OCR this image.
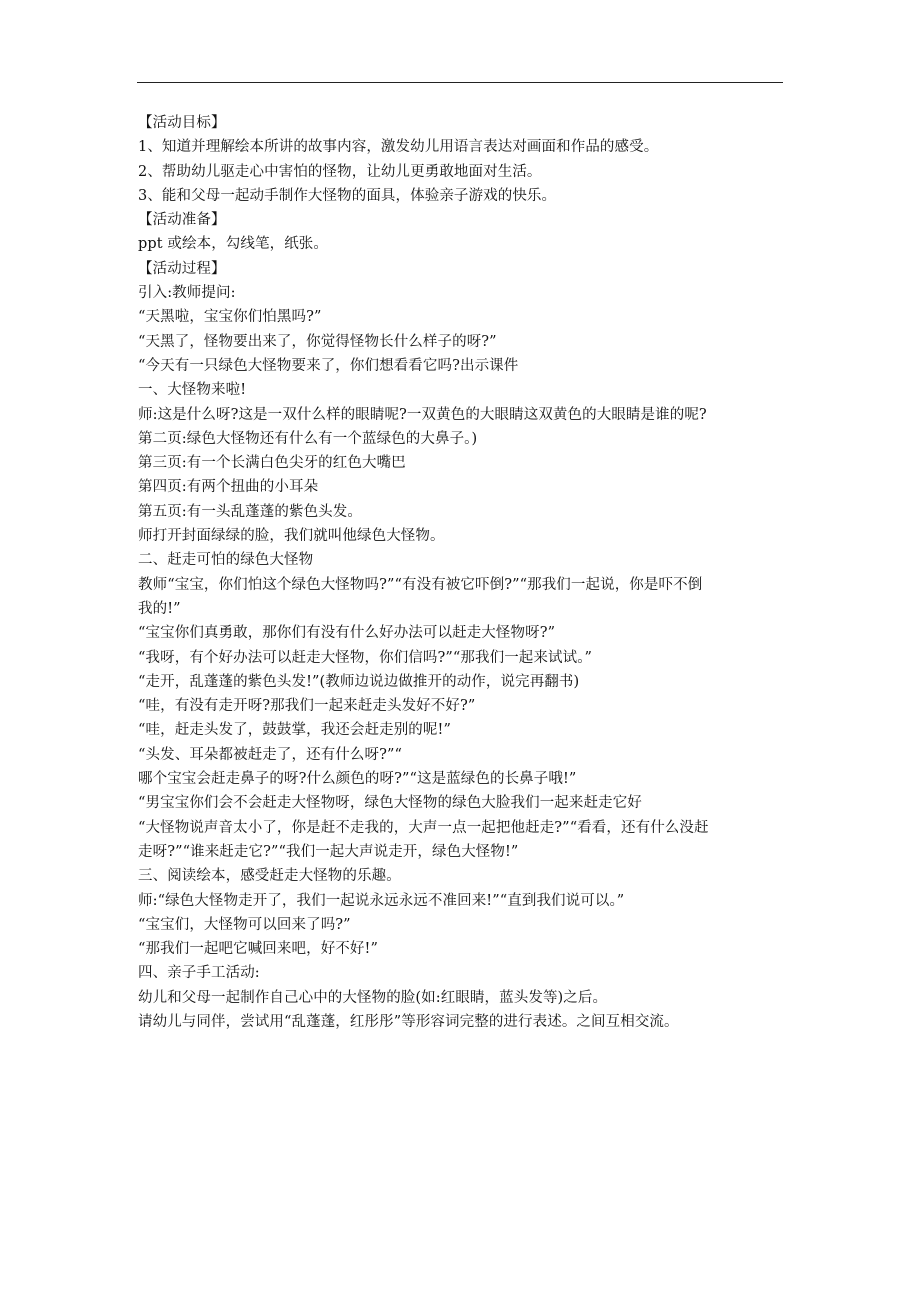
【活动目标】
1、知道并理解绘本所讲的故事内容，激发幼儿用语言表达对画面和作品的感受。
2、帮助幼儿驱走心中害怕的怪物，让幼儿更勇敢地面对生活。
3、能和父母一起动手制作大怪物的面具，体验亲子游戏的快乐。
【活动准备】
ppt 或绘本，勾线笔，纸张。
【活动过程】
引入:教师提问:
“天黑啦，宝宝你们怕黑吗?”
“天黑了，怪物要出来了，你觉得怪物长什么样子的呀?”
“今天有一只绿色大怪物要来了，你们想看看它吗?出示课件
一、大怪物来啦!
师:这是什么呀?这是一双什么样的眼睛呢?一双黄色的大眼睛这双黄色的大眼睛是谁的呢?
第二页:绿色大怪物还有什么有一个蓝绿色的大鼻子。)
第三页:有一个长满白色尖牙的红色大嘴巴
第四页:有两个扭曲的小耳朵
第五页:有一头乱蓬蓬的紫色头发。
师打开封面绿绿的脸，我们就叫他绿色大怪物。
二、赶走可怕的绿色大怪物
教师“宝宝，你们怕这个绿色大怪物吗?”“有没有被它吓倒?”“那我们一起说，你是吓不倒
我的!”
“宝宝你们真勇敢，那你们有没有什么好办法可以赶走大怪物呀?”
“我呀，有个好办法可以赶走大怪物，你们信吗?”“那我们一起来试试。”
“走开，乱蓬蓬的紫色头发!”(教师边说边做推开的动作，说完再翻书)
“哇，有没有走开呀?那我们一起来赶走头发好不好?”
“哇，赶走头发了，鼓鼓掌，我还会赶走别的呢!”
“头发、耳朵都被赶走了，还有什么呀?”“
哪个宝宝会赶走鼻子的呀?什么颜色的呀?”“这是蓝绿色的长鼻子哦!”
“男宝宝你们会不会赶走大怪物呀，绿色大怪物的绿色大脸我们一起来赶走它好
“大怪物说声音太小了，你是赶不走我的，大声一点一起把他赶走?”“看看，还有什么没赶
走呀?”“谁来赶走它?”“我们一起大声说走开，绿色大怪物!”
三、阅读绘本，感受赶走大怪物的乐趣。
师:“绿色大怪物走开了，我们一起说永远永远不准回来!”“直到我们说可以。”
“宝宝们，大怪物可以回来了吗?”
“那我们一起吧它喊回来吧，好不好!”
四、亲子手工活动:
幼儿和父母一起制作自己心中的大怪物的脸(如:红眼睛，蓝头发等)之后。
请幼儿与同伴，尝试用“乱蓬蓬，红彤彤”等形容词完整的进行表述。之间互相交流。
